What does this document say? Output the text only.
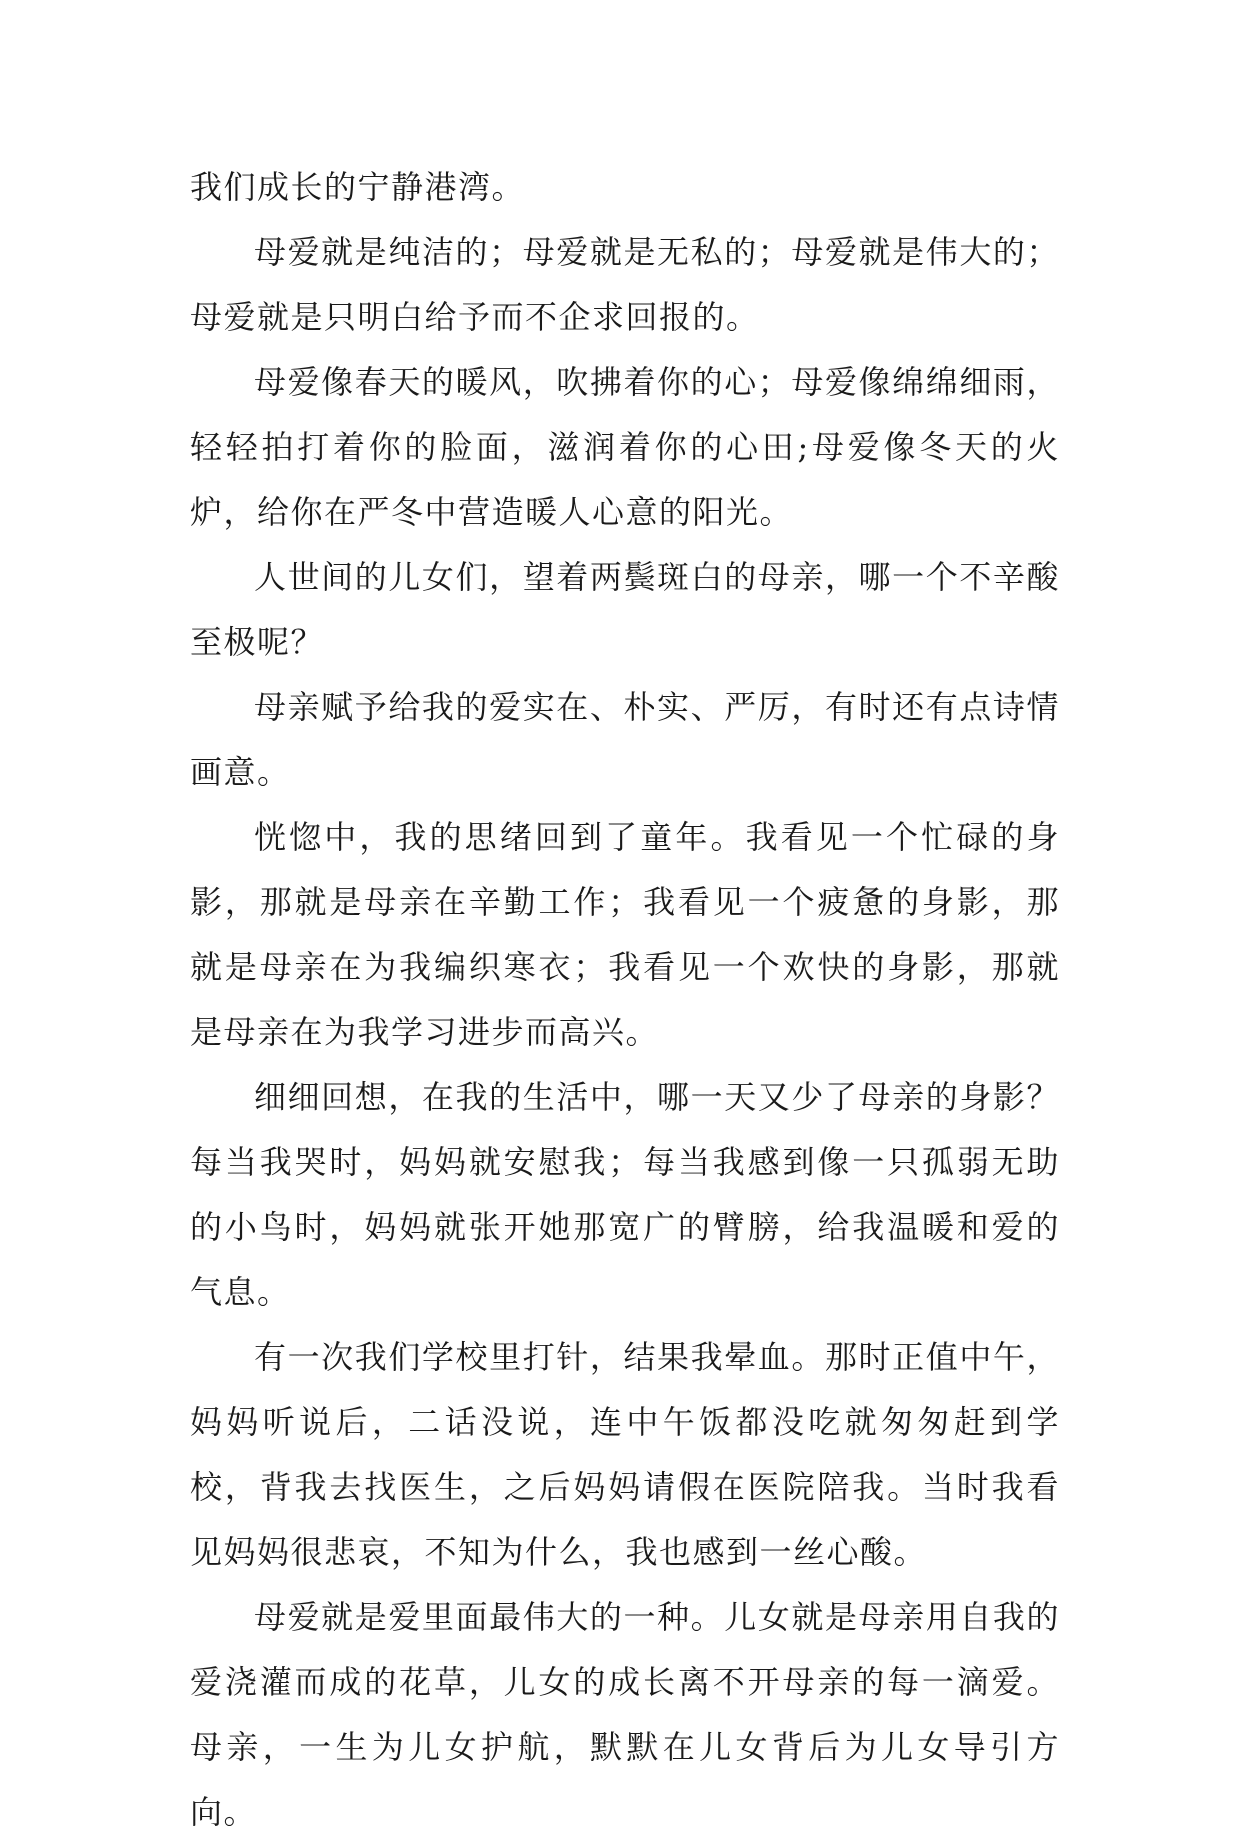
我们成长的宁静港湾。

母爱就是纯洁的；母爱就是无私的；母爱就是伟大的；母爱就是只明白给予而不企求回报的。

母爱像春天的暖风，吹拂着你的心；母爱像绵绵细雨，轻轻拍打着你的脸面，滋润着你的心田;母爱像冬天的火炉，给你在严冬中营造暖人心意的阳光。

人世间的儿女们，望着两鬓斑白的母亲，哪一个不辛酸至极呢？

母亲赋予给我的爱实在、朴实、严厉，有时还有点诗情画意。

恍惚中，我的思绪回到了童年。我看见一个忙碌的身影，那就是母亲在辛勤工作；我看见一个疲惫的身影，那就是母亲在为我编织寒衣；我看见一个欢快的身影，那就是母亲在为我学习进步而高兴。

细细回想，在我的生活中，哪一天又少了母亲的身影？每当我哭时，妈妈就安慰我；每当我感到像一只孤弱无助的小鸟时，妈妈就张开她那宽广的臂膀，给我温暖和爱的气息。

有一次我们学校里打针，结果我晕血。那时正值中午，妈妈听说后，二话没说，连中午饭都没吃就匆匆赶到学校，背我去找医生，之后妈妈请假在医院陪我。当时我看见妈妈很悲哀，不知为什么，我也感到一丝心酸。

母爱就是爱里面最伟大的一种。儿女就是母亲用自我的爱浇灌而成的花草，儿女的成长离不开母亲的每一滴爱。母亲，一生为儿女护航，默默在儿女背后为儿女导引方向。
